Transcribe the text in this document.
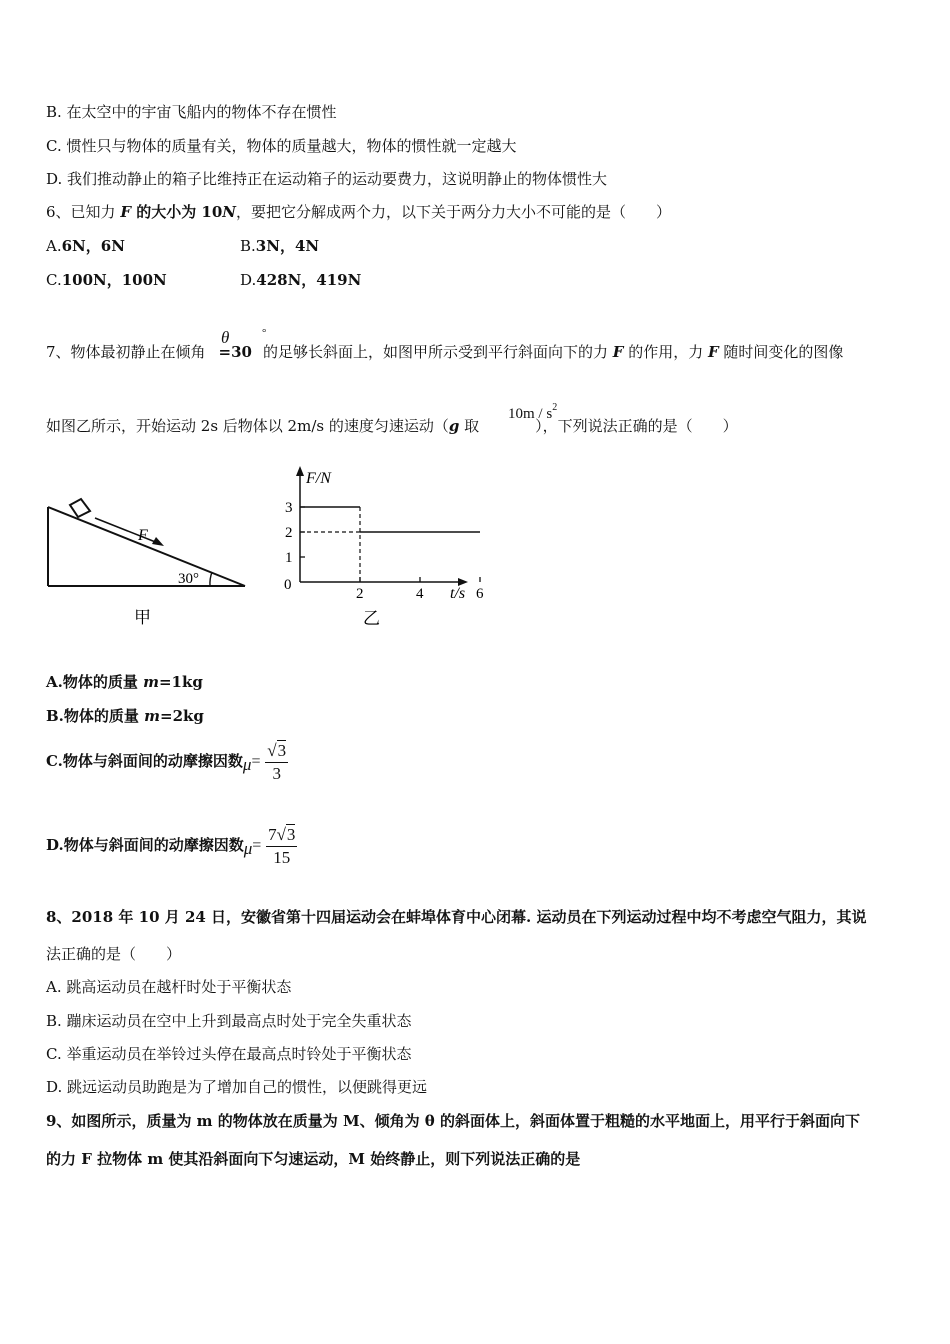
B. 在太空中的宇宙飞船内的物体不存在惯性
C. 惯性只与物体的质量有关，物体的质量越大，物体的惯性就一定越大
D. 我们推动静止的箱子比维持正在运动箱子的运动要费力，这说明静止的物体惯性大
6、已知力 F 的大小为 10N，要把它分解成两个力，以下关于两分力大小不可能的是（　　）
A.6N，6N	B.3N，4N
C.100N，100N	D.428N，419N
θ	°
7、物体最初静止在倾角 =30 的足够长斜面上，如图甲所示受到平行斜面向下的力 F 的作用，力 F 随时间变化的图像
$10m / s^2$
如图乙所示，开始运动 2s 后物体以 2m/s 的速度匀速运动（g 取	），下列说法正确的是（　　）
F
30°
甲
F/N
t/s
0
1
2
3
2	4	6
乙
A.物体的质量 m=1kg
B.物体的质量 m=2kg
C.物体与斜面间的动摩擦因数$\mu= \frac{√3}{3}$
D.物体与斜面间的动摩擦因数$\mu= \frac{7√3}{15}$
8、2018 年 10 月 24 日，安徽省第十四届运动会在蚌埠体育中心闭幕. 运动员在下列运动过程中均不考虑空气阻力，其说
法正确的是（　　）
A. 跳高运动员在越杆时处于平衡状态
B. 蹦床运动员在空中上升到最高点时处于完全失重状态
C. 举重运动员在举铃过头停在最高点时铃处于平衡状态
D. 跳远运动员助跑是为了增加自己的惯性，以便跳得更远
9、如图所示，质量为 m 的物体放在质量为 M、倾角为 θ 的斜面体上，斜面体置于粗糙的水平地面上，用平行于斜面向下
的力 F 拉物体 m 使其沿斜面向下匀速运动，M 始终静止，则下列说法正确的是
